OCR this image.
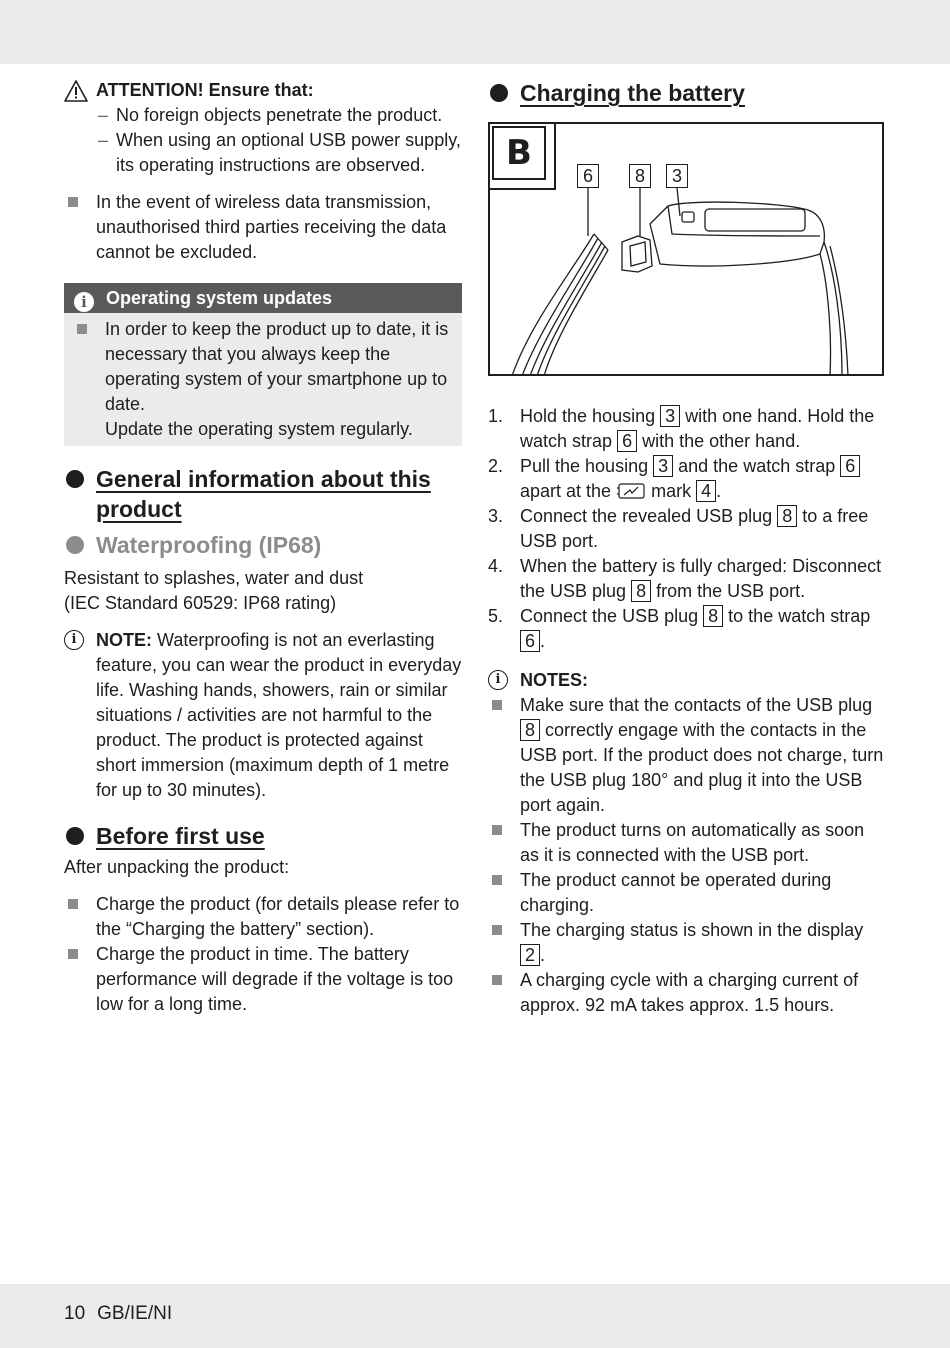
ATTENTION! Ensure that:

– No foreign objects penetrate the product.
– When using an optional USB power supply, its operating instructions are observed.
In the event of wireless data transmission, unauthorised third parties receiving the data cannot be excluded.
i Operating system updates
In order to keep the product up to date, it is necessary that you always keep the operating system of your smartphone up to date.
Update the operating system regularly.
General information about this product
Waterproofing (IP68)

Resistant to splashes, water and dust

(IEC Standard 60529: IP68 rating)

i	NOTE: Waterproofing is not an everlasting feature, you can wear the product in everyday life. Washing hands, showers, rain or similar situations / activities are not harmful to the product. The product is protected against short immersion (maximum depth of 1 metre for up to 30 minutes).
Before first use

After unpacking the product:

Charge the product (for details please refer to the “Charging the battery” section).
Charge the product in time. The battery performance will degrade if the voltage is too low for a long time.
Charging the battery
B
6	8	3
1. Hold the housing 3 with one hand. Hold the watch strap 6 with the other hand.
2. Pull the housing 3 and the watch strap 6 apart at the mark 4 .
3. Connect the revealed USB plug 8 to a free USB port.
4. When the battery is fully charged: Disconnect the USB plug 8 from the USB port.
5. Connect the USB plug 8 to the watch strap 6 .
i	NOTES:
Make sure that the contacts of the USB plug 8 correctly engage with the contacts in the USB port. If the product does not charge, turn the USB plug 180° and plug it into the USB port again.
The product turns on automatically as soon as it is connected with the USB port.
The product cannot be operated during charging.
The charging status is shown in the display 2 .
A charging cycle with a charging current of approx. 92 mA takes approx. 1.5 hours.
10 GB/IE/NI
